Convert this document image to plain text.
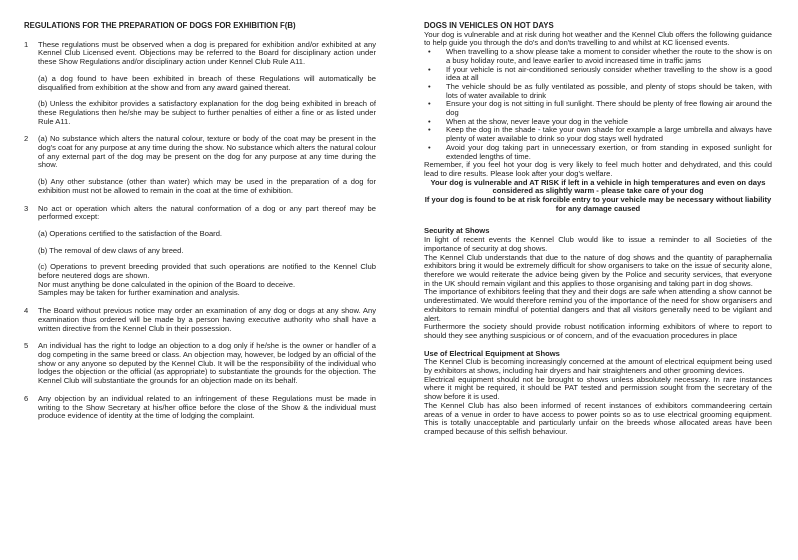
REGULATIONS FOR THE PREPARATION OF DOGS FOR EXHIBITION F(B)
1 These regulations must be observed when a dog is prepared for exhibition and/or exhibited at any Kennel Club Licensed event. Objections may be referred to the Board for disciplinary action under these Show Regulations and/or disciplinary action under Kennel Club Rule A11.
(a) a dog found to have been exhibited in breach of these Regulations will automatically be disqualified from exhibition at the show and from any award gained thereat.
(b) Unless the exhibitor provides a satisfactory explanation for the dog being exhibited in breach of these Regulations then he/she may be subject to further penalties of either a fine or as listed under Rule A11.
2 (a) No substance which alters the natural colour, texture or body of the coat may be present in the dog's coat for any purpose at any time during the show. No substance which alters the natural colour of any external part of the dog may be present on the dog for any purpose at any time during the show.
(b) Any other substance (other than water) which may be used in the preparation of a dog for exhibition must not be allowed to remain in the coat at the time of exhibition.
3 No act or operation which alters the natural conformation of a dog or any part thereof may be performed except:
(a) Operations certified to the satisfaction of the Board.
(b) The removal of dew claws of any breed.
(c) Operations to prevent breeding provided that such operations are notified to the Kennel Club before neutered dogs are shown.
Nor must anything be done calculated in the opinion of the Board to deceive.
Samples may be taken for further examination and analysis.
4 The Board without previous notice may order an examination of any dog or dogs at any show. Any examination thus ordered will be made by a person having executive authority who shall have a written directive from the Kennel Club in their possession.
5 An individual has the right to lodge an objection to a dog only if he/she is the owner or handler of a dog competing in the same breed or class. An objection may, however, be lodged by an official of the show or any anyone so deputed by the Kennel Club. It will be the responsibility of the individual who lodges the objection or the official (as appropriate) to substantiate the grounds for the objection. The Kennel Club will substantiate the grounds for an objection made on its behalf.
6 Any objection by an individual related to an infringement of these Regulations must be made in writing to the Show Secretary at his/her office before the close of the Show & the individual must produce evidence of identity at the time of lodging the complaint.
DOGS IN VEHICLES ON HOT DAYS
Your dog is vulnerable and at risk during hot weather and the Kennel Club offers the following guidance to help guide you through the do's and don'ts travelling to and whilst at KC licensed events.
• When travelling to a show please take a moment to consider whether the route to the show is on a busy holiday route, and leave earlier to avoid increased time in traffic jams
• If your vehicle is not air-conditioned seriously consider whether travelling to the show is a good idea at all
• The vehicle should be as fully ventilated as possible, and plenty of stops should be taken, with lots of water available to drink
• Ensure your dog is not sitting in full sunlight. There should be plenty of free flowing air around the dog
• When at the show, never leave your dog in the vehicle
• Keep the dog in the shade - take your own shade for example a large umbrella and always have plenty of water available to drink so your dog stays well hydrated
• Avoid your dog taking part in unnecessary exertion, or from standing in exposed sunlight for extended lengths of time.
Remember, if you feel hot your dog is very likely to feel much hotter and dehydrated, and this could lead to dire results. Please look after your dog's welfare.
Your dog is vulnerable and AT RISK if left in a vehicle in high temperatures and even on days considered as slightly warm - please take care of your dog
If your dog is found to be at risk forcible entry to your vehicle may be necessary without liability for any damage caused
Security at Shows
In light of recent events the Kennel Club would like to issue a reminder to all Societies of the importance of security at dog shows.
The Kennel Club understands that due to the nature of dog shows and the quantity of paraphernalia exhibitors bring it would be extremely difficult for show organisers to take on the issue of security alone, therefore we would reiterate the advice being given by the Police and security services, that everyone in the UK should remain vigilant and this applies to those organising and taking part in dog shows.
The importance of exhibitors feeling that they and their dogs are safe when attending a show cannot be underestimated. We would therefore remind you of the importance of the need for show organisers and exhibitors to remain mindful of potential dangers and that all visitors generally need to be vigilant and alert.
Furthermore the society should provide robust notification informing exhibitors of where to report to should they see anything suspicious or of concern, and of the evacuation procedures in place
Use of Electrical Equipment at Shows
The Kennel Club is becoming increasingly concerned at the amount of electrical equipment being used by exhibitors at shows, including hair dryers and hair straighteners and other grooming devices.
Electrical equipment should not be brought to shows unless absolutely necessary. In rare instances where it might be required, it should be PAT tested and permission sought from the secretary of the show before it is used.
The Kennel Club has also been informed of recent instances of exhibitors commandeering certain areas of a venue in order to have access to power points so as to use electrical grooming equipment. This is totally unacceptable and particularly unfair on the breeds whose allocated areas have been cramped because of this selfish behaviour.
